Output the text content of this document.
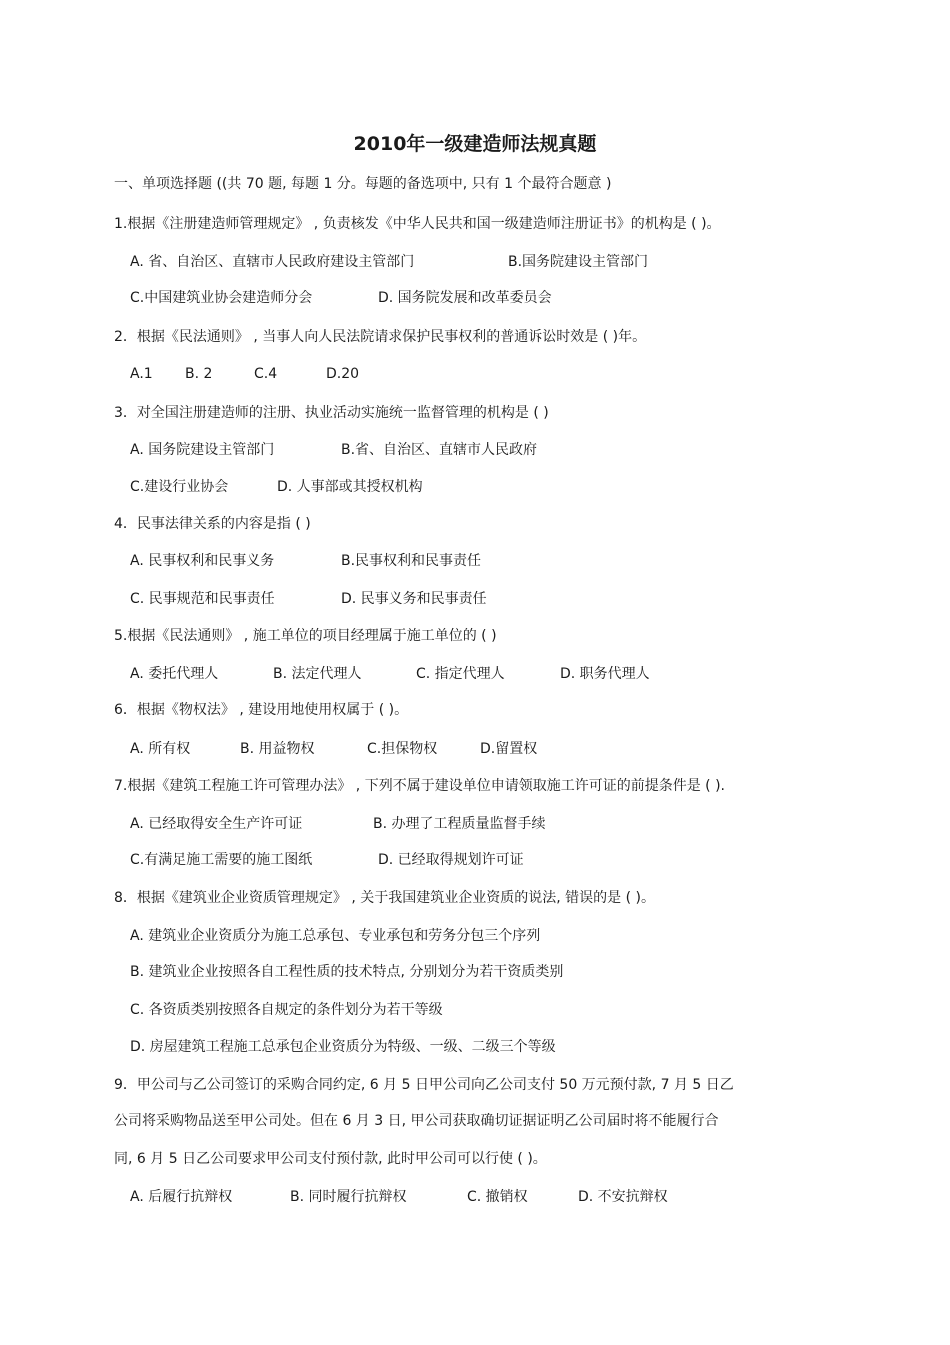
2010年一级建造师法规真题
一、单项选择题 ((共 70 题, 每题 1 分。每题的备选项中, 只有 1 个最符合题意 )
1.根据《注册建造师管理规定》 , 负责核发《中华人民共和国一级建造师注册证书》的机构是 ( )。
A. 省、自治区、直辖市人民政府建设主管部门	B.国务院建设主管部门
C.中国建筑业协会建造师分会	D. 国务院发展和改革委员会
2．根据《民法通则》 , 当事人向人民法院请求保护民事权利的普通诉讼时效是 ( )年。
A.1 B. 2	C.4	D.20
3．对全国注册建造师的注册、执业活动实施统一监督管理的机构是 ( )
A. 国务院建设主管部门	B.省、自治区、直辖市人民政府
C.建设行业协会	D. 人事部或其授权机构
4．民事法律关系的内容是指 ( )
A. 民事权利和民事义务	B.民事权利和民事责任
C. 民事规范和民事责任	D. 民事义务和民事责任
5.根据《民法通则》 , 施工单位的项目经理属于施工单位的 ( )
A. 委托代理人	B. 法定代理人	C. 指定代理人	D. 职务代理人
6．根据《物权法》 , 建设用地使用权属于 ( )。
A. 所有权	B. 用益物权	C.担保物权	D.留置权
7.根据《建筑工程施工许可管理办法》 , 下列不属于建设单位申请领取施工许可证的前提条件是 ( ).
A. 已经取得安全生产许可证	B. 办理了工程质量监督手续
C.有满足施工需要的施工图纸	D. 已经取得规划许可证
8．根据《建筑业企业资质管理规定》 , 关于我国建筑业企业资质的说法, 错误的是 ( )。
A. 建筑业企业资质分为施工总承包、专业承包和劳务分包三个序列
B. 建筑业企业按照各自工程性质的技术特点, 分别划分为若干资质类别
C. 各资质类别按照各自规定的条件划分为若干等级
D. 房屋建筑工程施工总承包企业资质分为特级、一级、二级三个等级
9．甲公司与乙公司签订的采购合同约定, 6 月 5 日甲公司向乙公司支付 50 万元预付款, 7 月 5 日乙
公司将采购物品送至甲公司处。但在 6 月 3 日, 甲公司获取确切证据证明乙公司届时将不能履行合
同, 6 月 5 日乙公司要求甲公司支付预付款, 此时甲公司可以行使 ( )。
A. 后履行抗辩权	B. 同时履行抗辩权	C. 撤销权	D. 不安抗辩权
